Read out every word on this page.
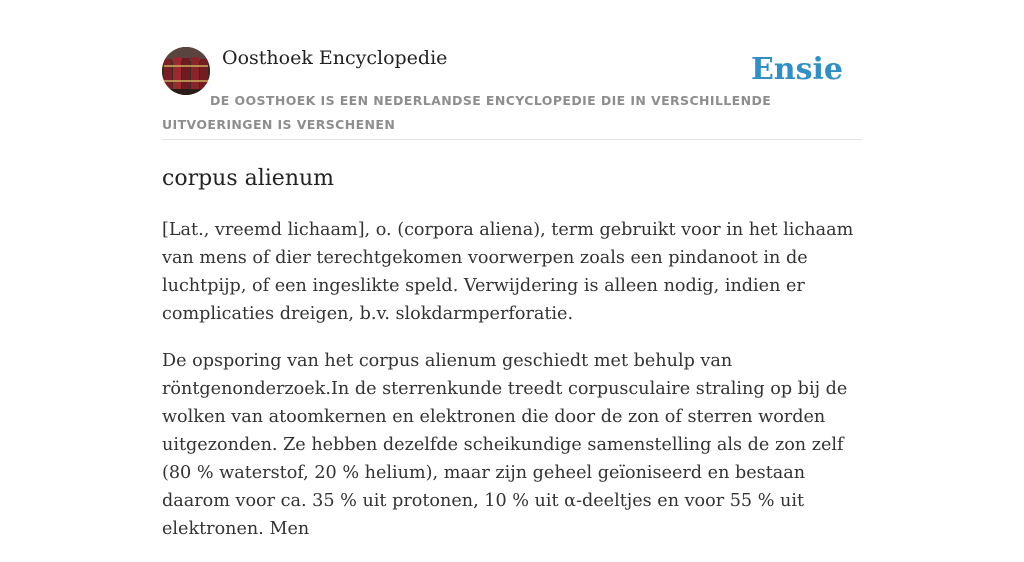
Oosthoek Encyclopedie	Ensie
DE OOSTHOEK IS EEN NEDERLANDSE ENCYCLOPEDIE DIE IN VERSCHILLENDE UITVOERINGEN IS VERSCHENEN
corpus alienum

[Lat., vreemd lichaam], o. (corpora aliena), term gebruikt voor in het lichaam van mens of dier terechtgekomen voorwerpen zoals een pindanoot in de luchtpijp, of een ingeslikte speld. Verwijdering is alleen nodig, indien er complicaties dreigen, b.v. slokdarmperforatie.

De opsporing van het corpus alienum geschiedt met behulp van röntgenonderzoek.In de sterrenkunde treedt corpusculaire straling op bij de wolken van atoomkernen en elektronen die door de zon of sterren worden uitgezonden. Ze hebben dezelfde scheikundige samenstelling als de zon zelf (80 % waterstof, 20 % helium), maar zijn geheel geïoniseerd en bestaan daarom voor ca. 35 % uit protonen, 10 % uit α-deeltjes en voor 55 % uit elektronen. Men
